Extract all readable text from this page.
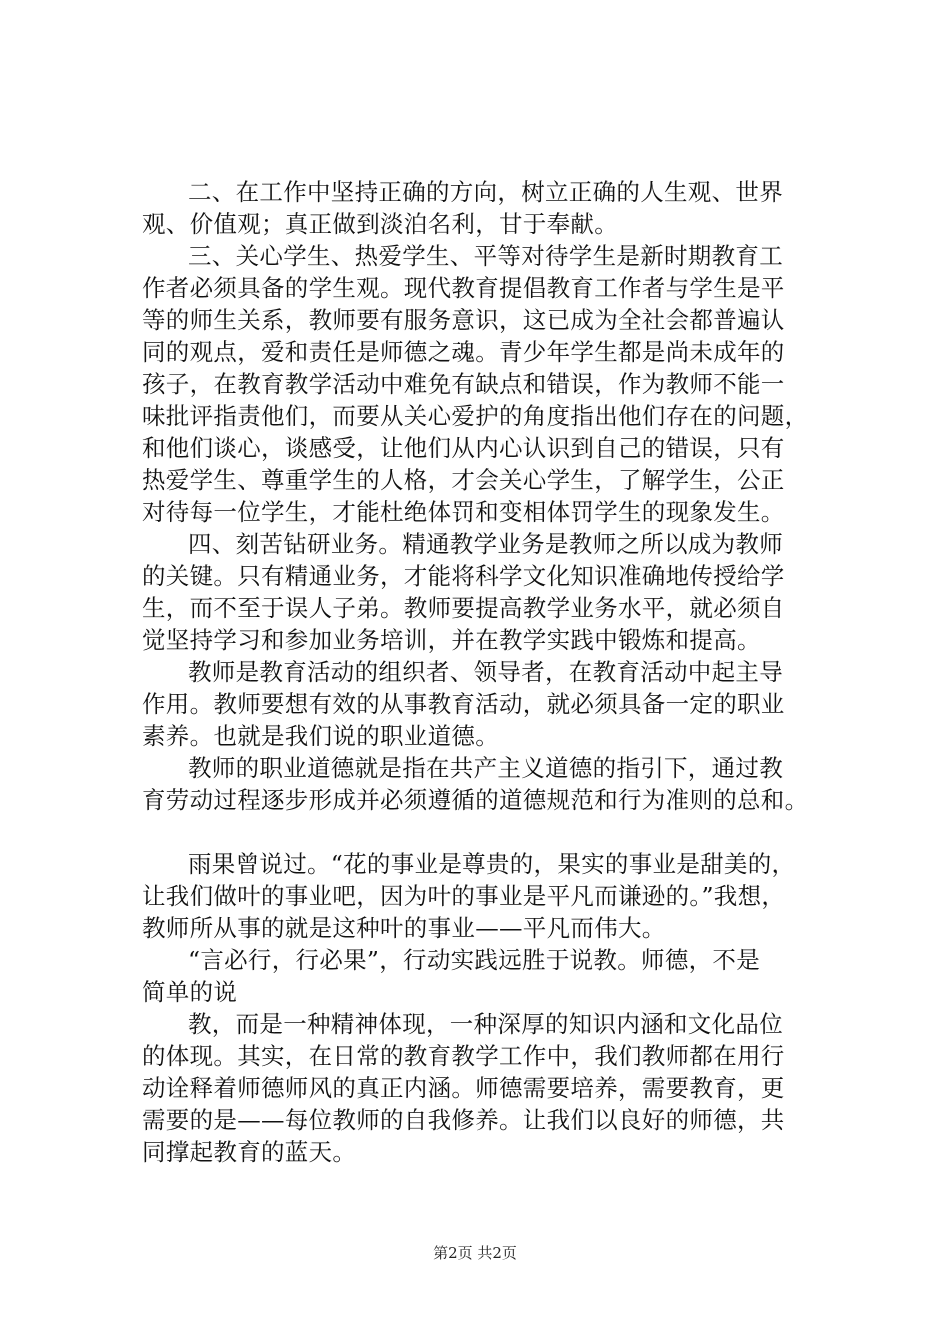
二、在工作中坚持正确的方向，树立正确的人生观、世界
观、价值观；真正做到淡泊名利，甘于奉献。
三、关心学生、热爱学生、平等对待学生是新时期教育工
作者必须具备的学生观。现代教育提倡教育工作者与学生是平
等的师生关系，教师要有服务意识，这已成为全社会都普遍认
同的观点，爱和责任是师德之魂。青少年学生都是尚未成年的
孩子，在教育教学活动中难免有缺点和错误，作为教师不能一
味批评指责他们，而要从关心爱护的角度指出他们存在的问题，
和他们谈心，谈感受，让他们从内心认识到自己的错误，只有
热爱学生、尊重学生的人格，才会关心学生，了解学生，公正
对待每一位学生，才能杜绝体罚和变相体罚学生的现象发生。
四、刻苦钻研业务。精通教学业务是教师之所以成为教师
的关键。只有精通业务，才能将科学文化知识准确地传授给学
生，而不至于误人子弟。教师要提高教学业务水平，就必须自
觉坚持学习和参加业务培训，并在教学实践中锻炼和提高。
教师是教育活动的组织者、领导者，在教育活动中起主导
作用。教师要想有效的从事教育活动，就必须具备一定的职业
素养。也就是我们说的职业道德。
教师的职业道德就是指在共产主义道德的指引下，通过教
育劳动过程逐步形成并必须遵循的道德规范和行为准则的总和。
雨果曾说过。“花的事业是尊贵的，果实的事业是甜美的，
让我们做叶的事业吧，因为叶的事业是平凡而谦逊的。”我想，
教师所从事的就是这种叶的事业——平凡而伟大。
“言必行，行必果”，行动实践远胜于说教。师德，不是
简单的说
教，而是一种精神体现，一种深厚的知识内涵和文化品位
的体现。其实，在日常的教育教学工作中，我们教师都在用行
动诠释着师德师风的真正内涵。师德需要培养，需要教育，更
需要的是——每位教师的自我修养。让我们以良好的师德，共
同撑起教育的蓝天。
第2页 共2页
